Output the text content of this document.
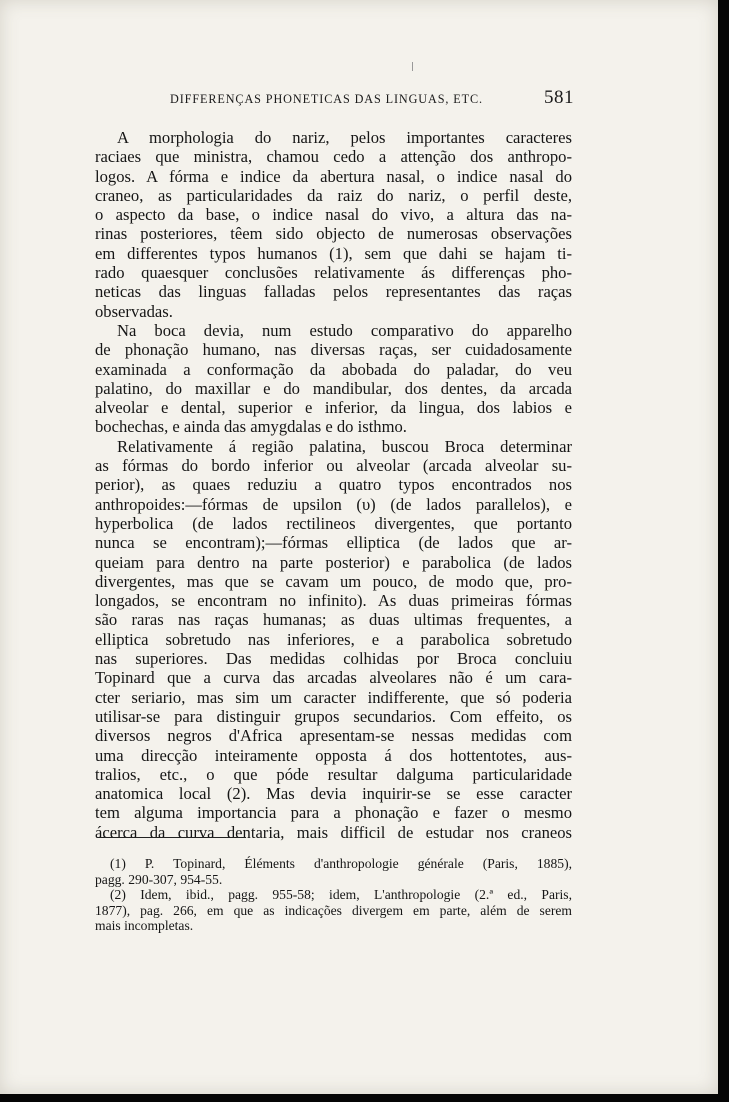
DIFFERENÇAS PHONETICAS DAS LINGUAS, ETC.	581
A morphologia do nariz, pelos importantes caracteres
raciaes que ministra, chamou cedo a attenção dos anthropo-
logos. A fórma e indice da abertura nasal, o indice nasal do
craneo, as particularidades da raiz do nariz, o perfil deste,
o aspecto da base, o indice nasal do vivo, a altura das na-
rinas posteriores, têem sido objecto de numerosas observações
em differentes typos humanos (1), sem que dahi se hajam ti-
rado quaesquer conclusões relativamente ás differenças pho-
neticas das linguas falladas pelos representantes das raças
observadas.
Na boca devia, num estudo comparativo do apparelho
de phonação humano, nas diversas raças, ser cuidadosamente
examinada a conformação da abobada do paladar, do veu
palatino, do maxillar e do mandibular, dos dentes, da arcada
alveolar e dental, superior e inferior, da lingua, dos labios e
bochechas, e ainda das amygdalas e do isthmo.
Relativamente á região palatina, buscou Broca determinar
as fórmas do bordo inferior ou alveolar (arcada alveolar su-
perior), as quaes reduziu a quatro typos encontrados nos
anthropoides:—fórmas de upsilon (υ) (de lados parallelos), e
hyperbolica (de lados rectilineos divergentes, que portanto
nunca se encontram);—fórmas elliptica (de lados que ar-
queiam para dentro na parte posterior) e parabolica (de lados
divergentes, mas que se cavam um pouco, de modo que, pro-
longados, se encontram no infinito). As duas primeiras fórmas
são raras nas raças humanas; as duas ultimas frequentes, a
elliptica sobretudo nas inferiores, e a parabolica sobretudo
nas superiores. Das medidas colhidas por Broca concluiu
Topinard que a curva das arcadas alveolares não é um cara-
cter seriario, mas sim um caracter indifferente, que só poderia
utilisar-se para distinguir grupos secundarios. Com effeito, os
diversos negros d'Africa apresentam-se nessas medidas com
uma direcção inteiramente opposta á dos hottentotes, aus-
tralios, etc., o que póde resultar dalguma particularidade
anatomica local (2). Mas devia inquirir-se se esse caracter
tem alguma importancia para a phonação e fazer o mesmo
ácerca da curva dentaria, mais difficil de estudar nos craneos
(1) P. Topinard, Éléments d'anthropologie générale (Paris, 1885),
pagg. 290-307, 954-55.
(2) Idem, ibid., pagg. 955-58; idem, L'anthropologie (2.ª ed., Paris,
1877), pag. 266, em que as indicações divergem em parte, além de serem
mais incompletas.
